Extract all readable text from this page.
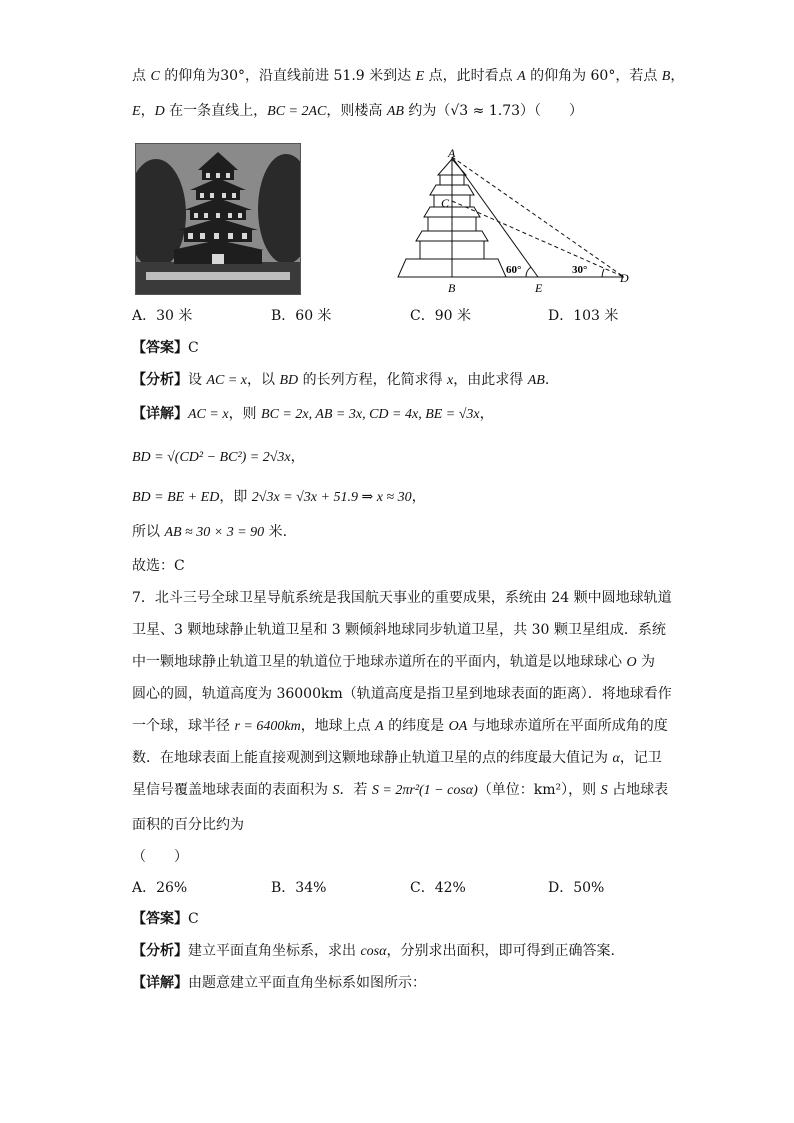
点 C 的仰角为30°，沿直线前进 51.9 米到达 E 点，此时看点 A 的仰角为 60°，若点 B，
E，D 在一条直线上，BC = 2AC，则楼高 AB 约为（√3 ≈ 1.73）（　　）
A
C
B	E
D
60°	30°
A．30 米	B．60 米	C．90 米	D．103 米
【答案】C
【分析】设 AC = x，以 BD 的长列方程，化简求得 x，由此求得 AB.
【详解】AC = x，则 BC = 2x, AB = 3x, CD = 4x, BE = √3x，
BD = √(CD² − BC²) = 2√3x，
BD = BE + ED，即 2√3x = √3x + 51.9 ⇒ x ≈ 30，
所以 AB ≈ 30 × 3 = 90 米.
故选：C
7．北斗三号全球卫星导航系统是我国航天事业的重要成果，系统由 24 颗中圆地球轨道
卫星、3 颗地球静止轨道卫星和 3 颗倾斜地球同步轨道卫星，共 30 颗卫星组成．系统
中一颗地球静止轨道卫星的轨道位于地球赤道所在的平面内，轨道是以地球球心 O 为
圆心的圆，轨道高度为 36000km（轨道高度是指卫星到地球表面的距离）．将地球看作
一个球，球半径 r = 6400km，地球上点 A 的纬度是 OA 与地球赤道所在平面所成角的度
数．在地球表面上能直接观测到这颗地球静止轨道卫星的点的纬度最大值记为 α，记卫
星信号覆盖地球表面的表面积为 S．若 S = 2πr²(1 − cosα)（单位：km²），则 S 占地球表
面积的百分比约为
（　　）
A．26%	B．34%	C．42%	D．50%
【答案】C
【分析】建立平面直角坐标系，求出 cosα，分别求出面积，即可得到正确答案.
【详解】由题意建立平面直角坐标系如图所示：
